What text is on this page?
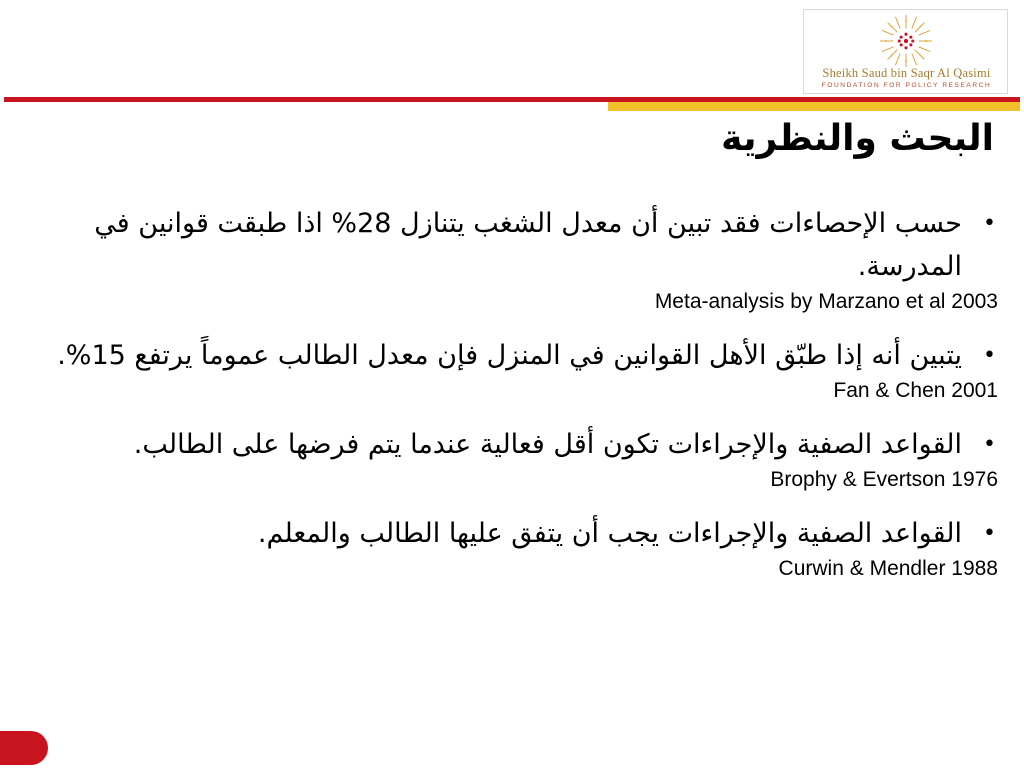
Sheikh Saud bin Saqr Al Qasimi
FOUNDATION FOR POLICY RESEARCH
البحث والنظرية
•
حسب الإحصاءات فقد تبين أن معدل الشغب يتنازل 28% اذا طبقت قوانين في المدرسة.
Meta-analysis by Marzano et al 2003
•
يتبين أنه إذا طبّق الأهل القوانين في المنزل فإن معدل الطالب عموماً يرتفع 15%.
Fan & Chen 2001
•
القواعد الصفية والإجراءات تكون أقل فعالية عندما يتم فرضها على الطالب.
Brophy & Evertson 1976
•
القواعد الصفية والإجراءات يجب أن يتفق عليها الطالب والمعلم.
Curwin & Mendler 1988
